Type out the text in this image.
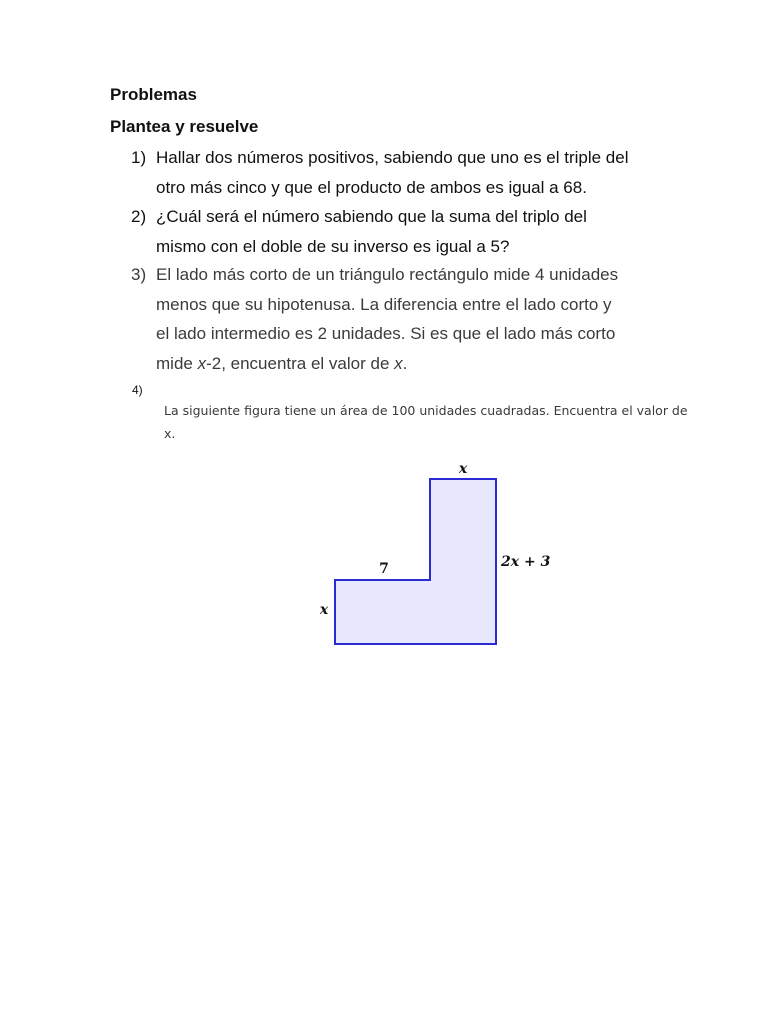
Problemas
Plantea y resuelve
1) Hallar dos números positivos, sabiendo que uno es el triple del
otro más cinco y que el producto de ambos es igual a 68.
2) ¿Cuál será el número sabiendo que la suma del triplo del
mismo con el doble de su inverso es igual a 5?
3) El lado más corto de un triángulo rectángulo mide 4 unidades
menos que su hipotenusa. La diferencia entre el lado corto y
el lado intermedio es 2 unidades. Si es que el lado más corto
mide x-2, encuentra el valor de x.
4)
La siguiente figura tiene un área de 100 unidades cuadradas. Encuentra el valor de
x.
x
2x + 3
7
x
